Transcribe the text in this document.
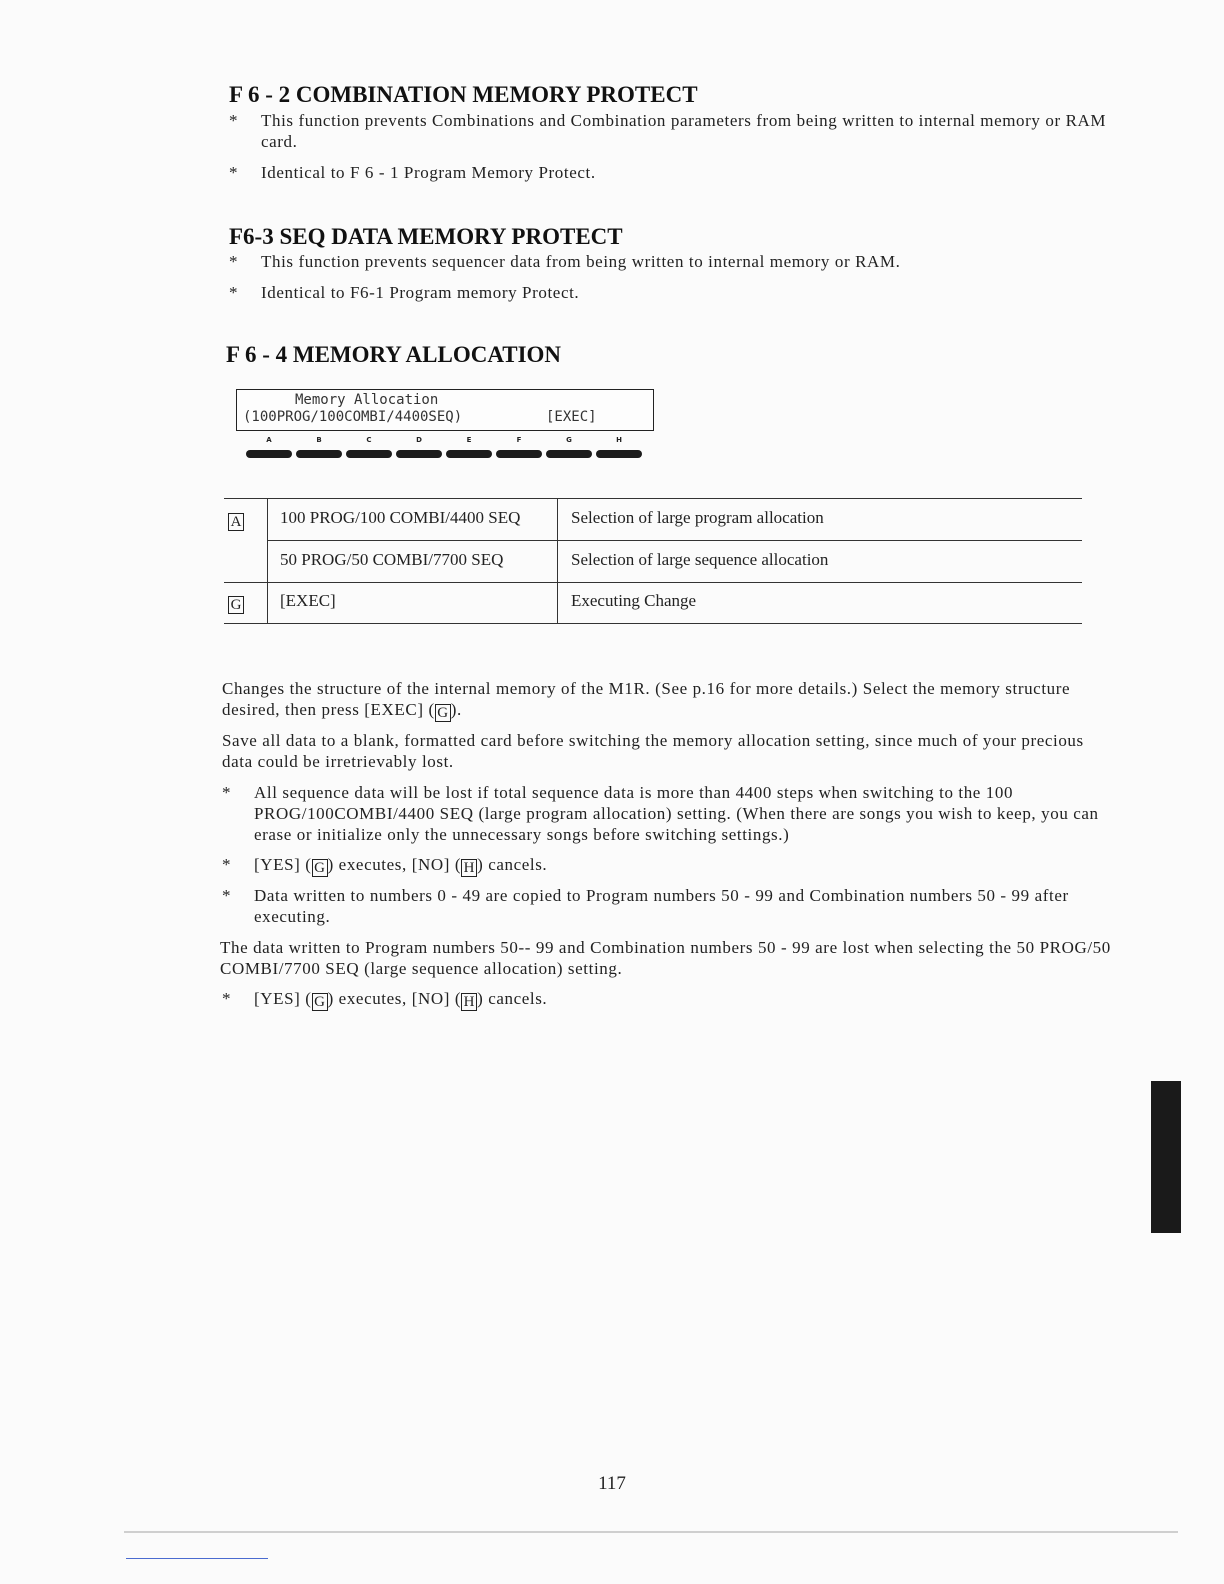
F 6 - 2 COMBINATION MEMORY PROTECT
*	This function prevents Combinations and Combination parameters from being written to internal memory or RAM card.
*	Identical to F 6 - 1 Program Memory Protect.
F6-3 SEQ DATA MEMORY PROTECT
*	This function prevents sequencer data from being written to internal memory or RAM.
*	Identical to F6-1 Program memory Protect.
F 6 - 4 MEMORY ALLOCATION
Memory Allocation
(100PROG/100COMBI/4400SEQ)	[EXEC]
A	B	C	D	E	F	G	H
A 100 PROG/100 COMBI/4400 SEQ	Selection of large program allocation
50 PROG/50 COMBI/7700 SEQ	Selection of large sequence allocation
G [EXEC]	Executing Change

Changes the structure of the internal memory of the M1R. (See p.16 for more details.) Select the memory structure desired, then press [EXEC] ( G ).

Save all data to a blank, formatted card before switching the memory allocation setting, since much of your precious data could be irretrievably lost.

*	All sequence data will be lost if total sequence data is more than 4400 steps when switching to the 100 PROG/100COMBI/4400 SEQ (large program allocation) setting. (When there are songs you wish to keep, you can erase or initialize only the unnecessary songs before switching settings.)
*	[YES] ( G ) executes, [NO] ( H ) cancels.
*	Data written to numbers 0 - 49 are copied to Program numbers 50 - 99 and Combination numbers 50 - 99 after executing.

The data written to Program numbers 50-- 99 and Combination numbers 50 - 99 are lost when selecting the 50 PROG/50 COMBI/7700 SEQ (large sequence allocation) setting.

*	[YES] ( G ) executes, [NO] ( H ) cancels.
117
